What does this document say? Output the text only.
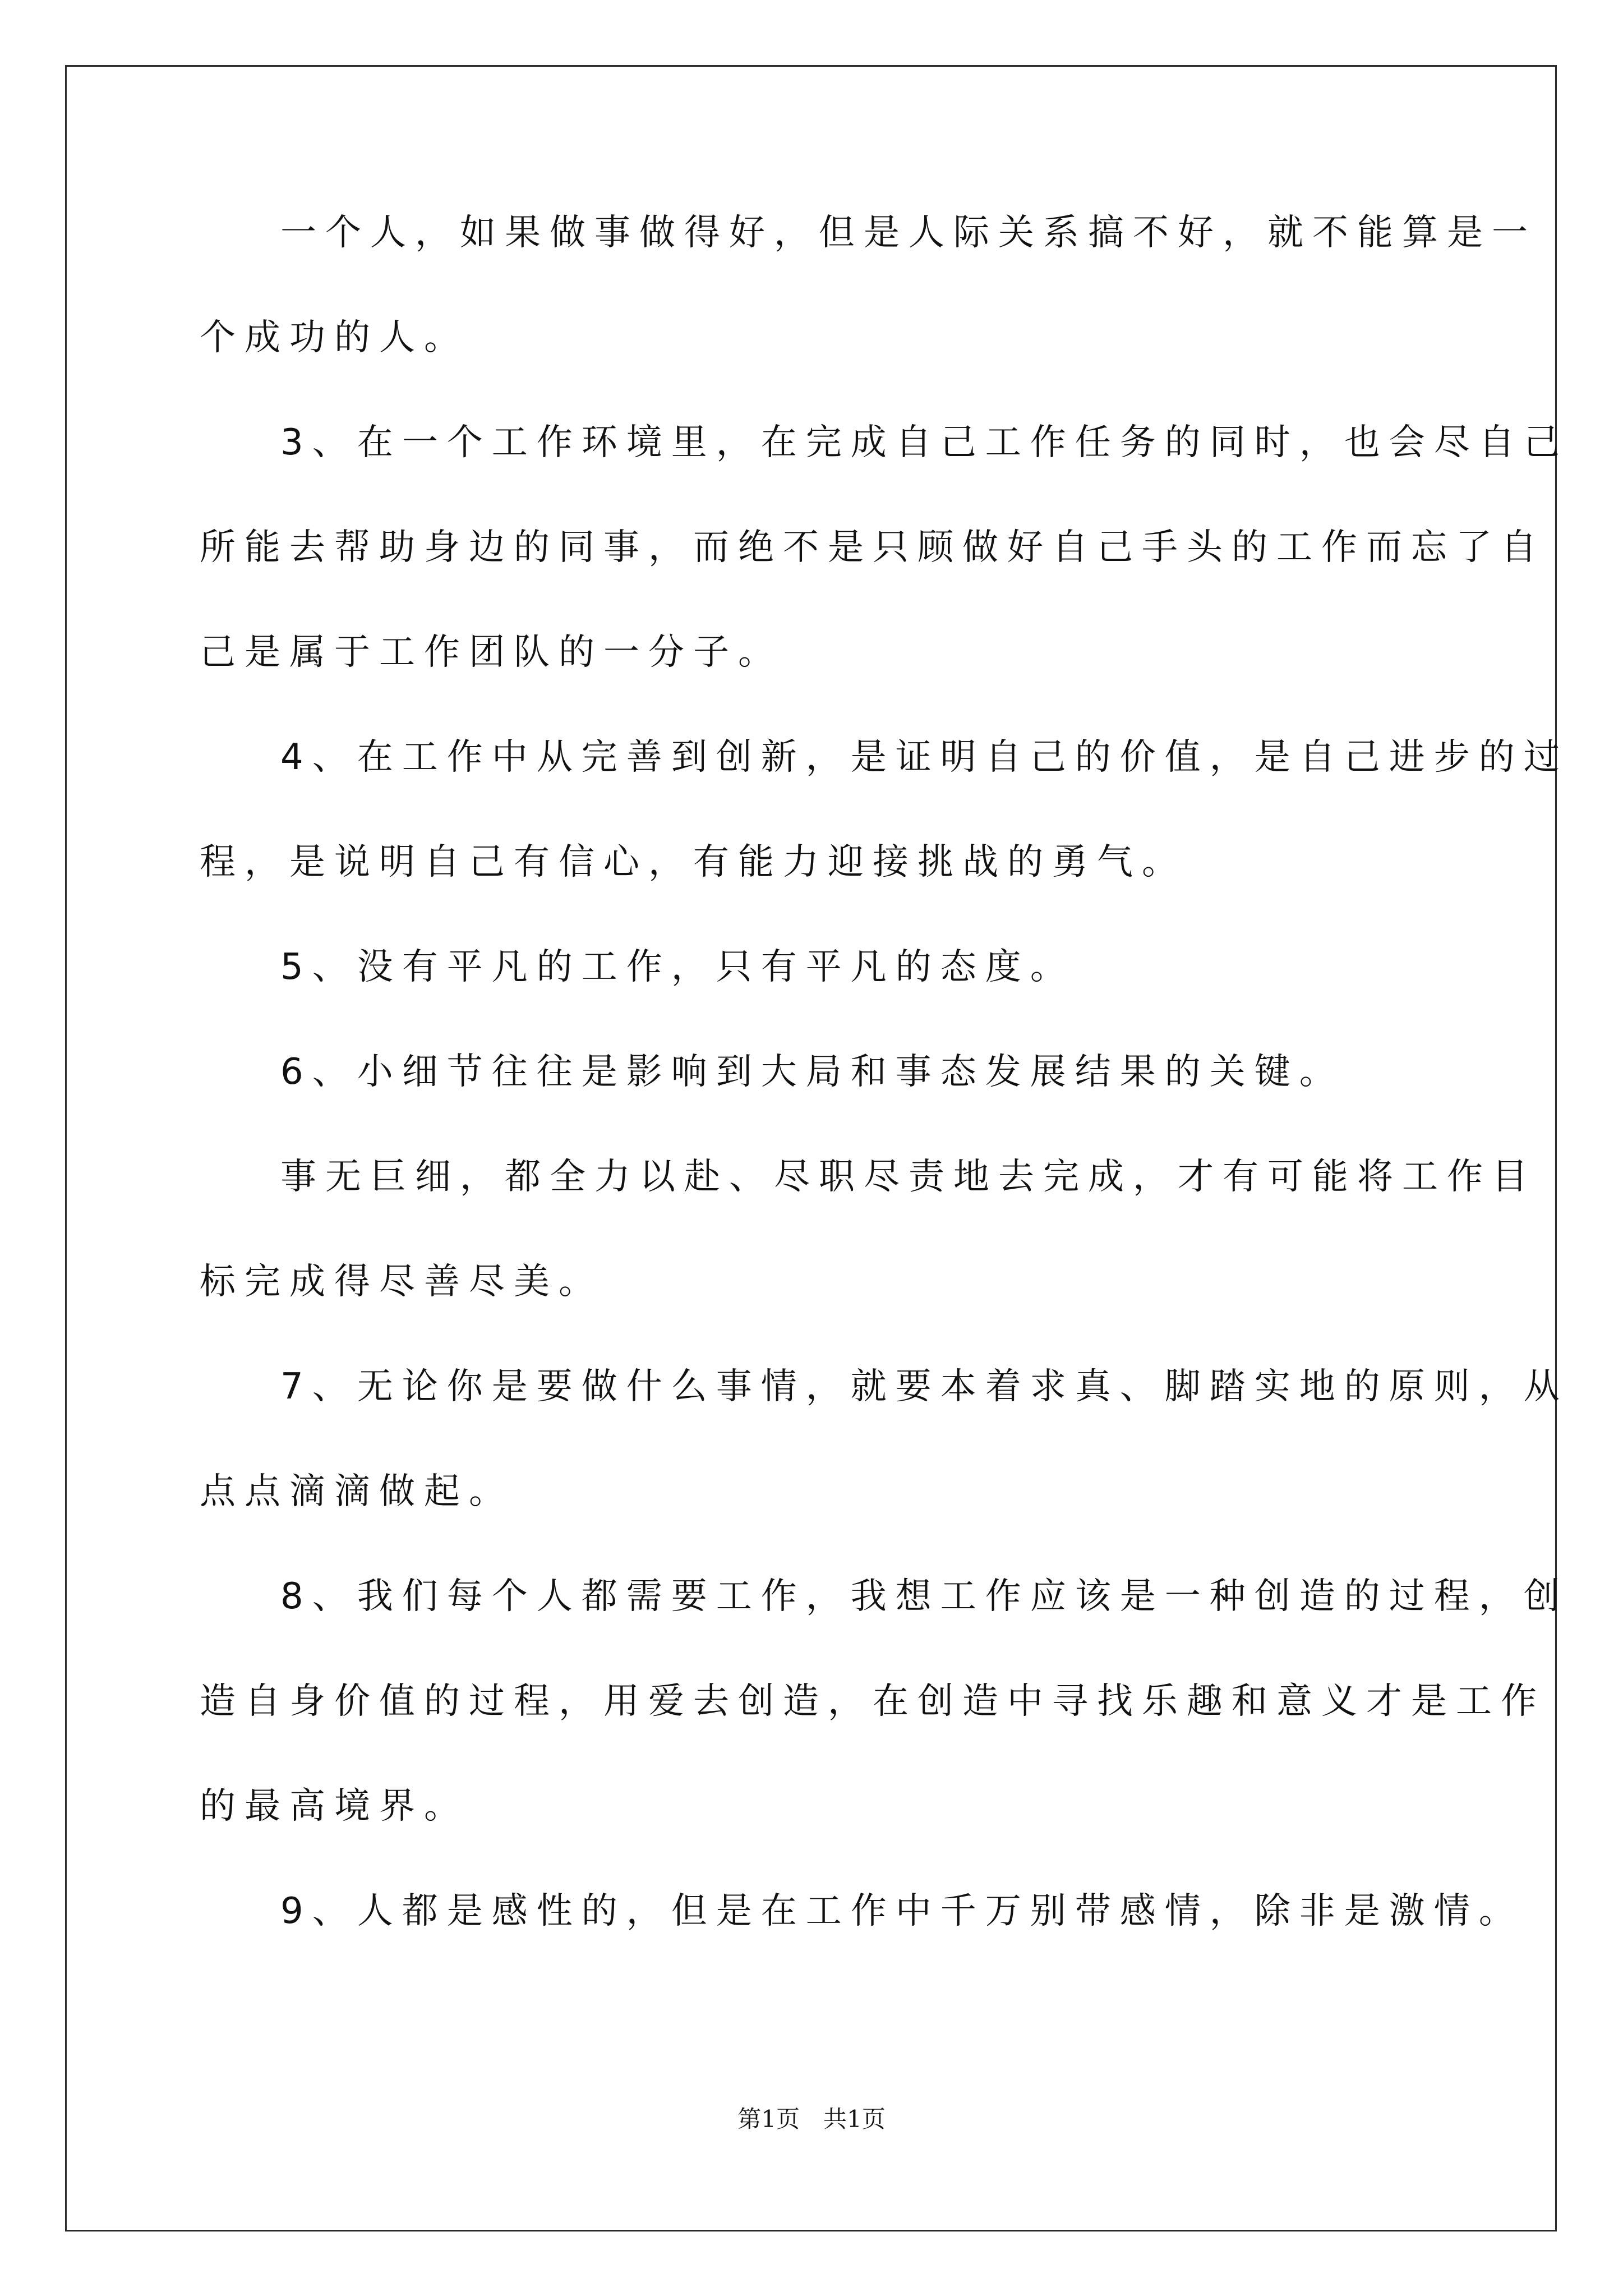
一个人，如果做事做得好，但是人际关系搞不好，就不能算是一
个成功的人。
3、在一个工作环境里，在完成自己工作任务的同时，也会尽自己
所能去帮助身边的同事，而绝不是只顾做好自己手头的工作而忘了自
己是属于工作团队的一分子。
4、在工作中从完善到创新，是证明自己的价值，是自己进步的过
程，是说明自己有信心，有能力迎接挑战的勇气。
5、没有平凡的工作，只有平凡的态度。
6、小细节往往是影响到大局和事态发展结果的关键。
事无巨细，都全力以赴、尽职尽责地去完成，才有可能将工作目
标完成得尽善尽美。
7、无论你是要做什么事情，就要本着求真、脚踏实地的原则，从
点点滴滴做起。
8、我们每个人都需要工作，我想工作应该是一种创造的过程，创
造自身价值的过程，用爱去创造，在创造中寻找乐趣和意义才是工作
的最高境界。
9、人都是感性的，但是在工作中千万别带感情，除非是激情。
第1页　共1页
